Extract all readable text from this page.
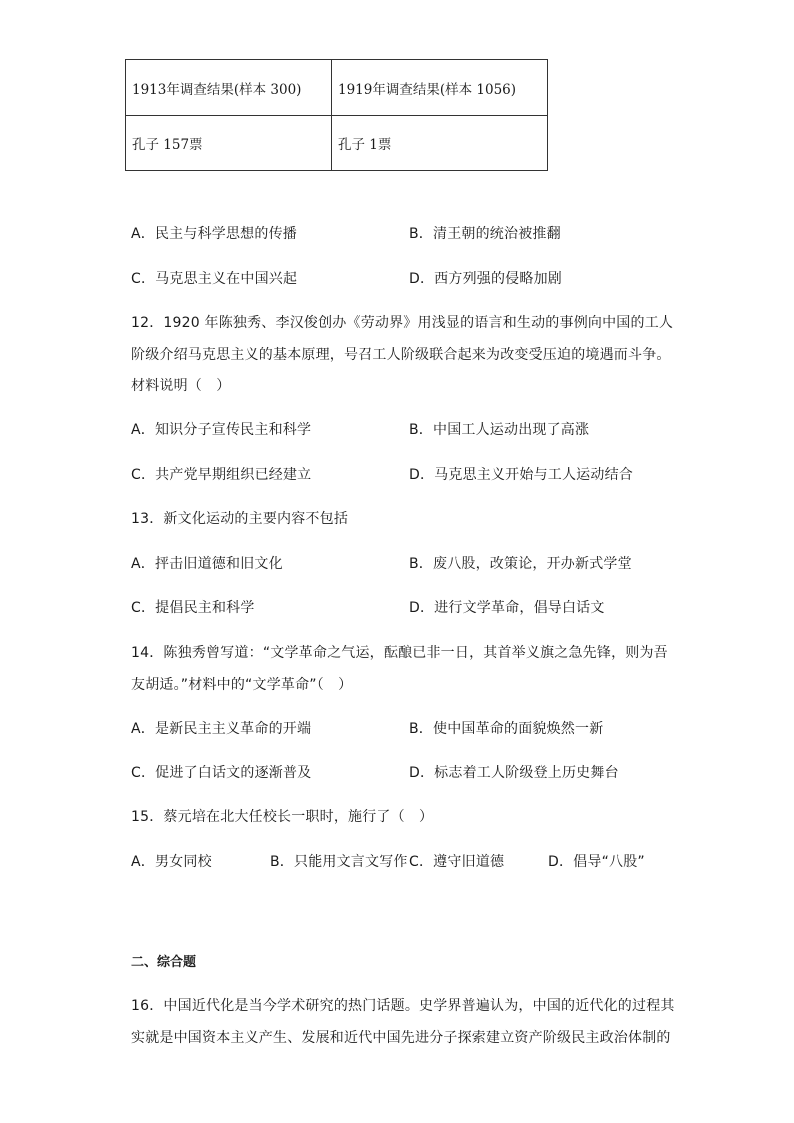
1913年调查结果(样本 300)	1919年调查结果(样本 1056)
孔子 157票	孔子 1票
A．民主与科学思想的传播	B．清王朝的统治被推翻
C．马克思主义在中国兴起	D．西方列强的侵略加剧
12．1920 年陈独秀、李汉俊创办《劳动界》用浅显的语言和生动的事例向中国的工人
阶级介绍马克思主义的基本原理，号召工人阶级联合起来为改变受压迫的境遇而斗争。
材料说明（　）
A．知识分子宣传民主和科学	B．中国工人运动出现了高涨
C．共产党早期组织已经建立	D．马克思主义开始与工人运动结合
13．新文化运动的主要内容不包括
A．抨击旧道德和旧文化	B．废八股，改策论，开办新式学堂
C．提倡民主和科学	D．进行文学革命，倡导白话文
14．陈独秀曾写道：“文学革命之气运，酝酿已非一日，其首举义旗之急先锋，则为吾
友胡适。”材料中的“文学革命”（　）
A．是新民主主义革命的开端	B．使中国革命的面貌焕然一新
C．促进了白话文的逐渐普及	D．标志着工人阶级登上历史舞台
15．蔡元培在北大任校长一职时，施行了（　）
A．男女同校	B．只能用文言文写作 C．遵守旧道德	D．倡导“八股”
二、综合题
16．中国近代化是当今学术研究的热门话题。史学界普遍认为，中国的近代化的过程其
实就是中国资本主义产生、发展和近代中国先进分子探索建立资产阶级民主政治体制的
